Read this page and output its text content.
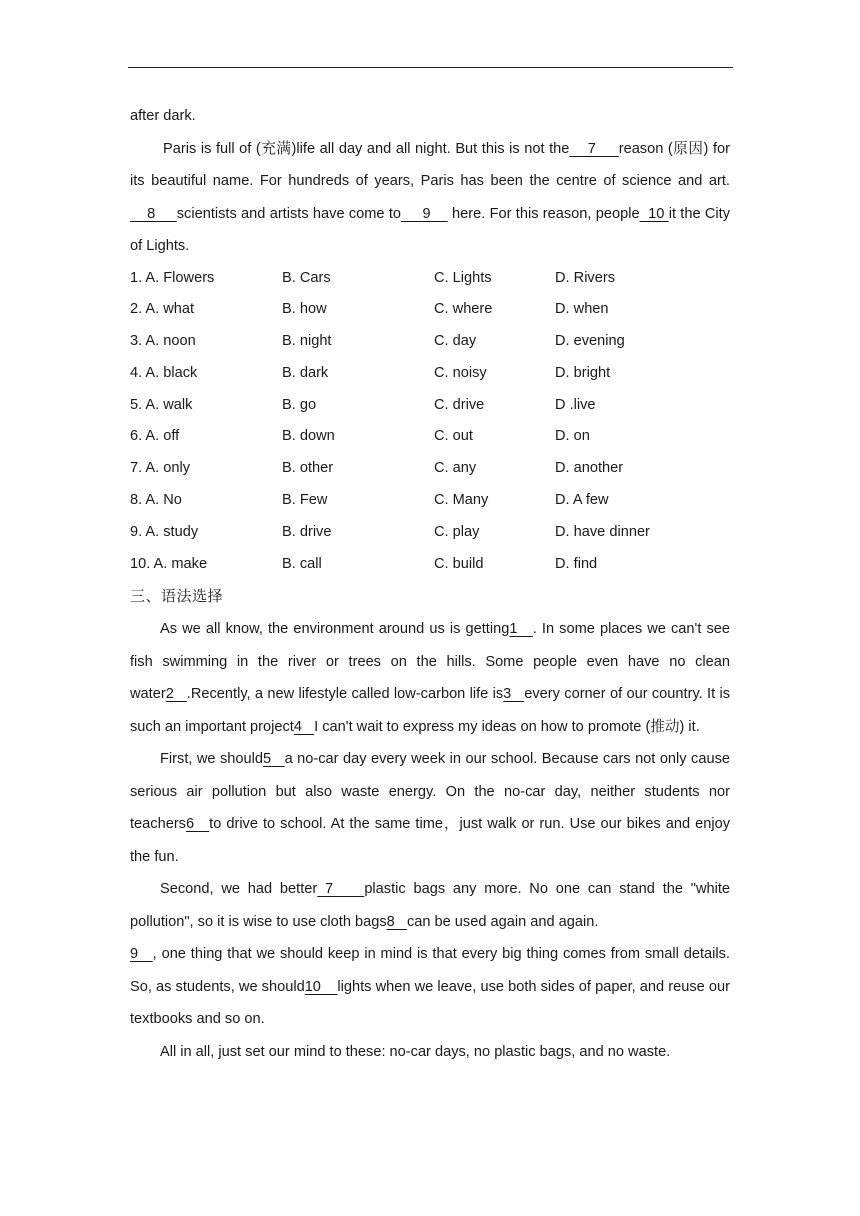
after dark.

Paris is full of (充满)life all day and all night. But this is not the    7     reason (原因) for its beautiful name. For hundreds of years, Paris has been the centre of science and art.    8     scientists and artists have come to     9     here. For this reason, people  10 it the City of Lights.

1. A. Flowers	B. Cars	C. Lights	D. Rivers
2. A. what	B. how	C. where	D. when
3. A. noon	B. night	C. day	D. evening
4. A. black	B. dark	C. noisy	D. bright
5. A. walk	B. go	C. drive	D .live
6. A. off	B. down	C. out	D. on
7. A. only	B. other	C. any	D. another
8. A. No	B. Few	C. Many	D. A few
9. A. study	B. drive	C. play	D. have dinner
10. A. make	B. call	C. build	D. find

三、语法选择

As we all know, the environment around us is getting1   . In some places we can't see fish swimming in the river or trees on the hills. Some people even have no clean water2   .Recently, a new lifestyle called low-carbon life is3   every corner of our country. It is such an important project4   I can't wait to express my ideas on how to promote (推动) it.

First, we should5   a no-car day every week in our school. Because cars not only cause serious air pollution but also waste energy. On the no-car day, neither students nor teachers6   to drive to school. At the same time，just walk or run. Use our bikes and enjoy the fun.

Second, we had better 7    plastic bags any more. No one can stand the "white pollution", so it is wise to use cloth bags8   can be used again and again.

9   , one thing that we should keep in mind is that every big thing comes from small details. So, as students, we should10    lights when we leave, use both sides of paper, and reuse our textbooks and so on.

All in all, just set our mind to these: no-car days, no plastic bags, and no waste.
